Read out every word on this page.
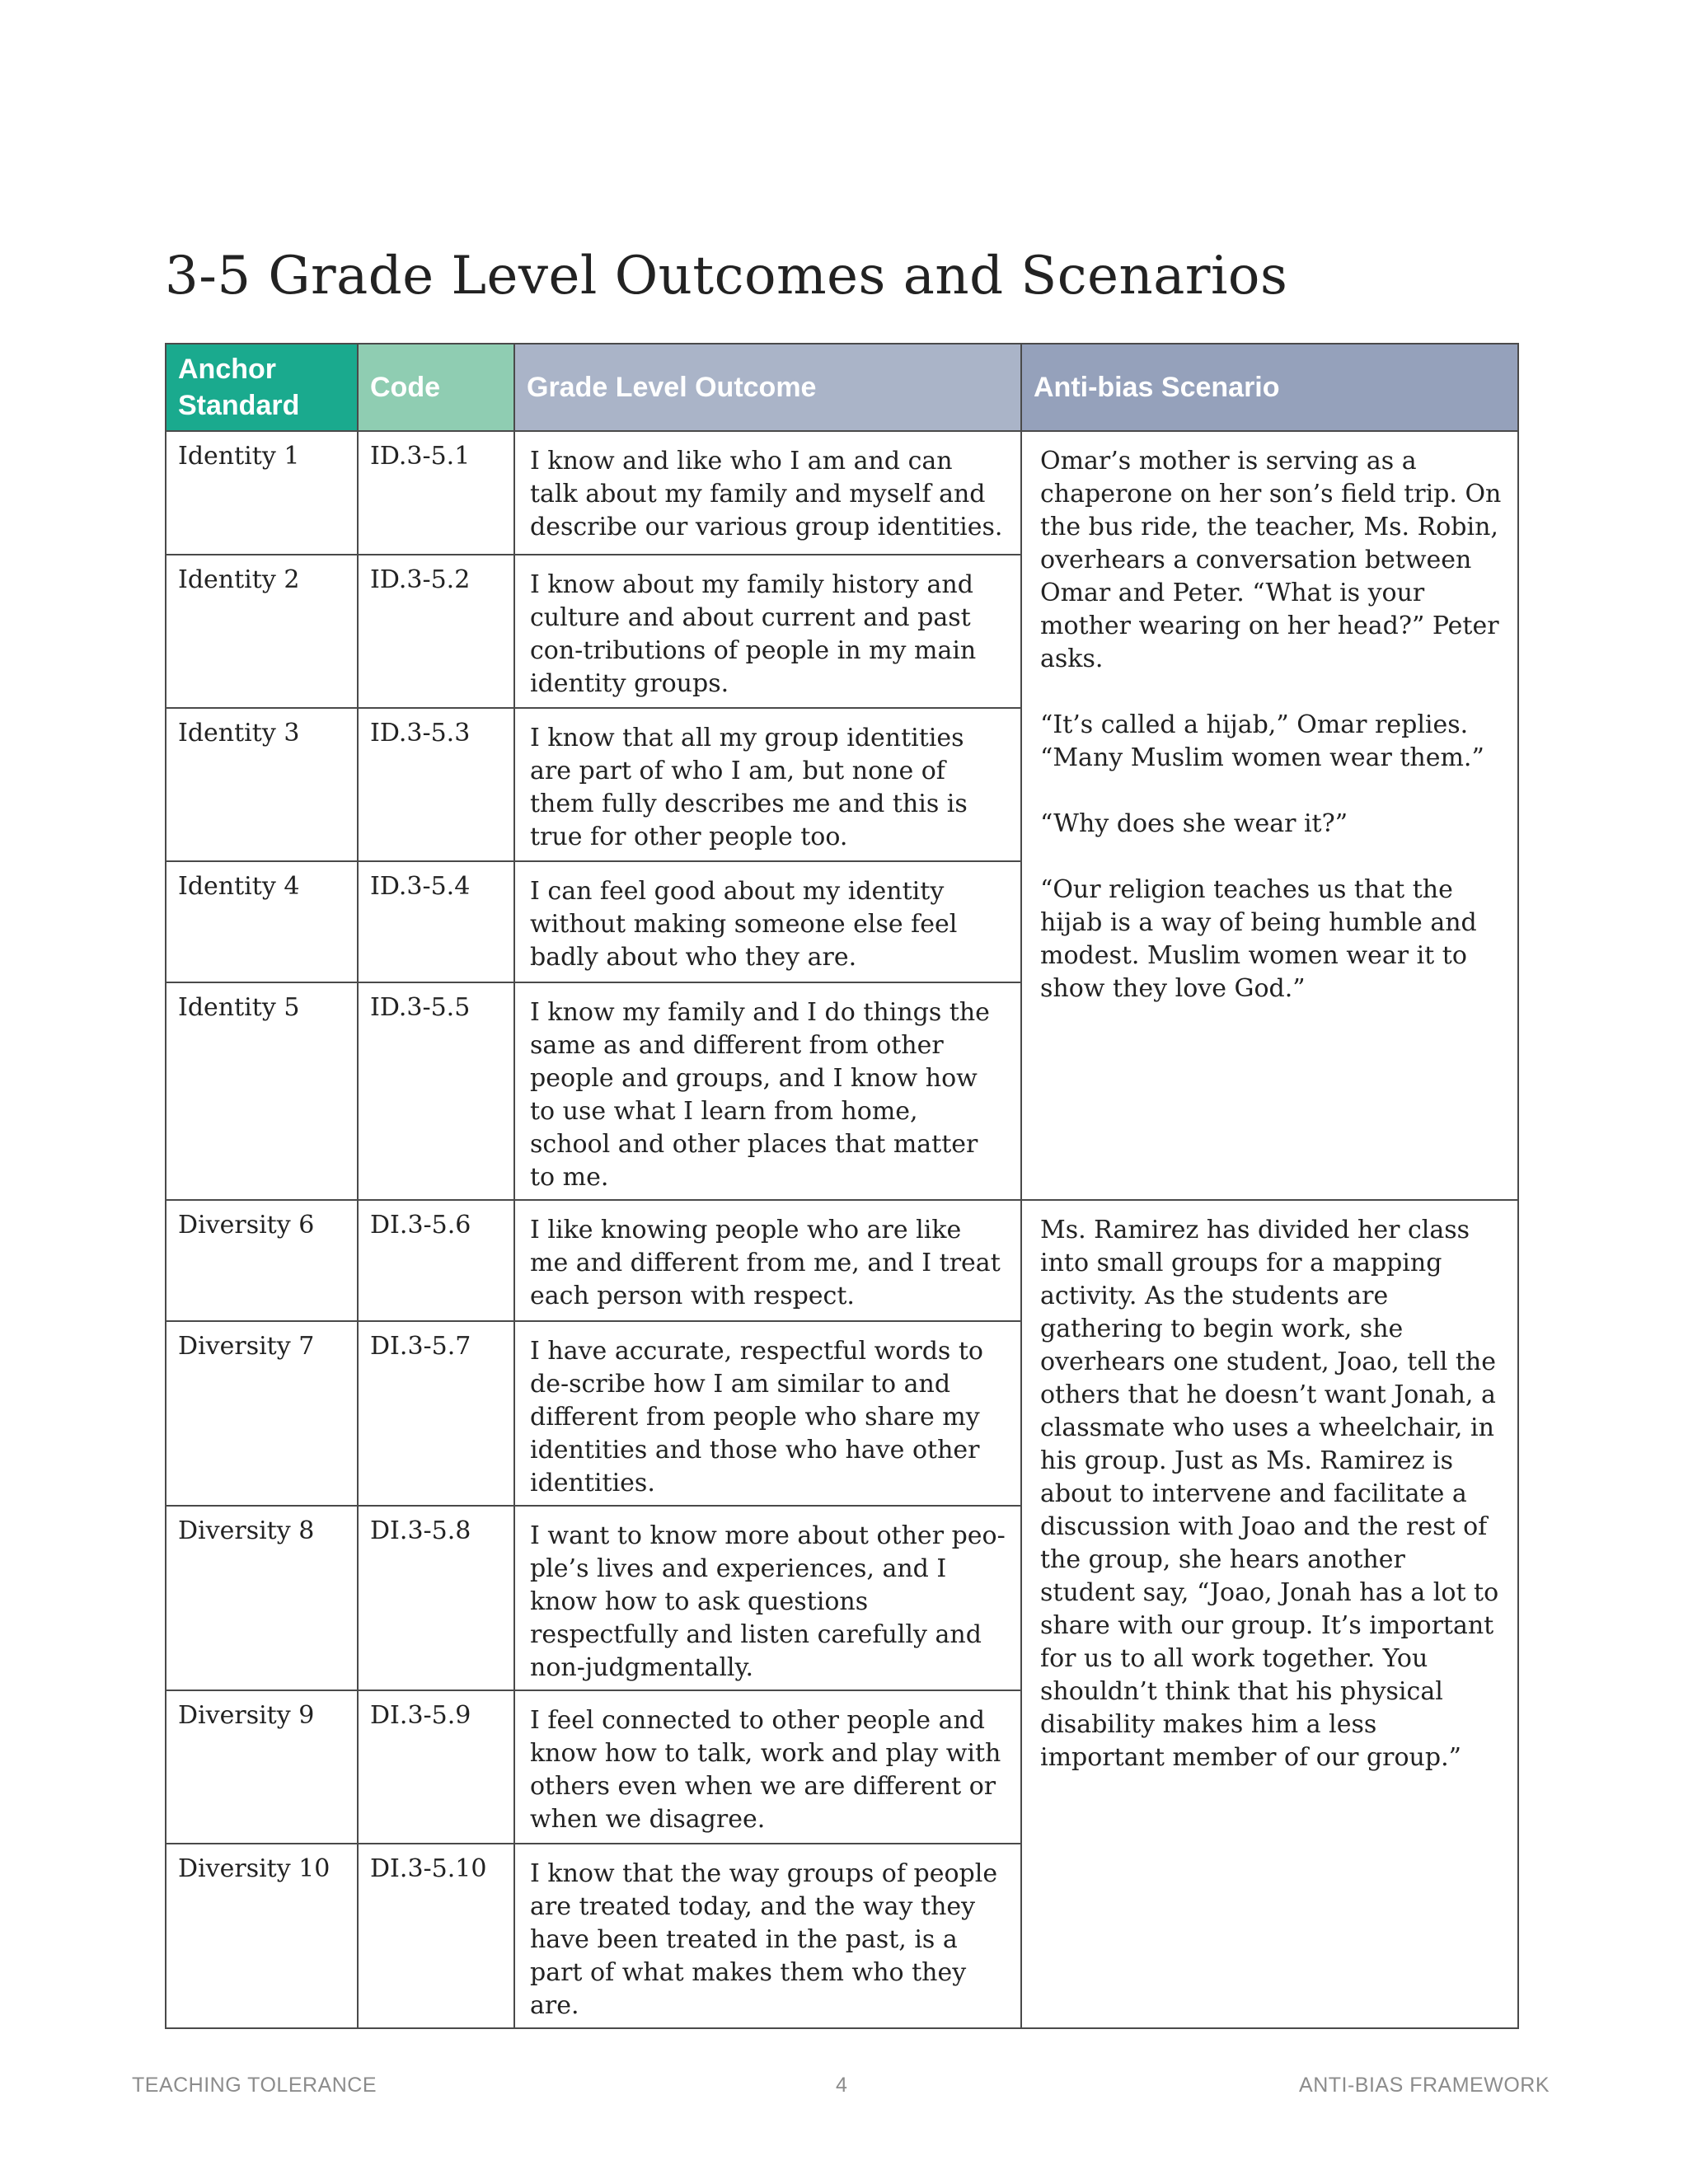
3-5 Grade Level Outcomes and Scenarios
Anchor Standard	Code	Grade Level Outcome	Anti-bias Scenario
Identity 1	ID.3-5.1	I know and like who I am and can talk about my family and myself and describe our various group identities.	Omar’s mother is serving as a chaperone on her son’s field trip. On the bus ride, the teacher, Ms. Robin, overhears a conversation between Omar and Peter. “What is your mother wearing on her head?” Peter asks.

“It’s called a hijab,” Omar replies. “Many Muslim women wear them.”

“Why does she wear it?”

“Our religion teaches us that the hijab is a way of being humble and modest. Muslim women wear it to show they love God.”

Identity 2	ID.3-5.2	I know about my family history and culture and about current and past con-tributions of people in my main identity groups.	
Identity 3	ID.3-5.3	I know that all my group identities are part of who I am, but none of them fully describes me and this is true for other people too.	
Identity 4	ID.3-5.4	I can feel good about my identity without making someone else feel badly about who they are.	
Identity 5	ID.3-5.5	I know my family and I do things the same as and different from other people and groups, and I know how to use what I learn from home, school and other places that matter to me.	
Diversity 6	DI.3-5.6	I like knowing people who are like me and different from me, and I treat each person with respect.	Ms. Ramirez has divided her class into small groups for a mapping activity. As the students are gathering to begin work, she overhears one student, Joao, tell the others that he doesn’t want Jonah, a classmate who uses a wheelchair, in his group. Just as Ms. Ramirez is about to intervene and facilitate a discussion with Joao and the rest of the group, she hears another student say, “Joao, Jonah has a lot to share with our group. It’s important for us to all work together. You shouldn’t think that his physical disability makes him a less important member of our group.”

Diversity 7	DI.3-5.7	I have accurate, respectful words to de-scribe how I am similar to and different from people who share my identities and those who have other identities.	
Diversity 8	DI.3-5.8	I want to know more about other peo-ple’s lives and experiences, and I know how to ask questions respectfully and listen carefully and non-judgmentally.	
Diversity 9	DI.3-5.9	I feel connected to other people and know how to talk, work and play with others even when we are different or when we disagree.	
Diversity 10	DI.3-5.10	I know that the way groups of people are treated today, and the way they have been treated in the past, is a part of what makes them who they are.	
TEACHING TOLERANCE	4	ANTI-BIAS FRAMEWORK
